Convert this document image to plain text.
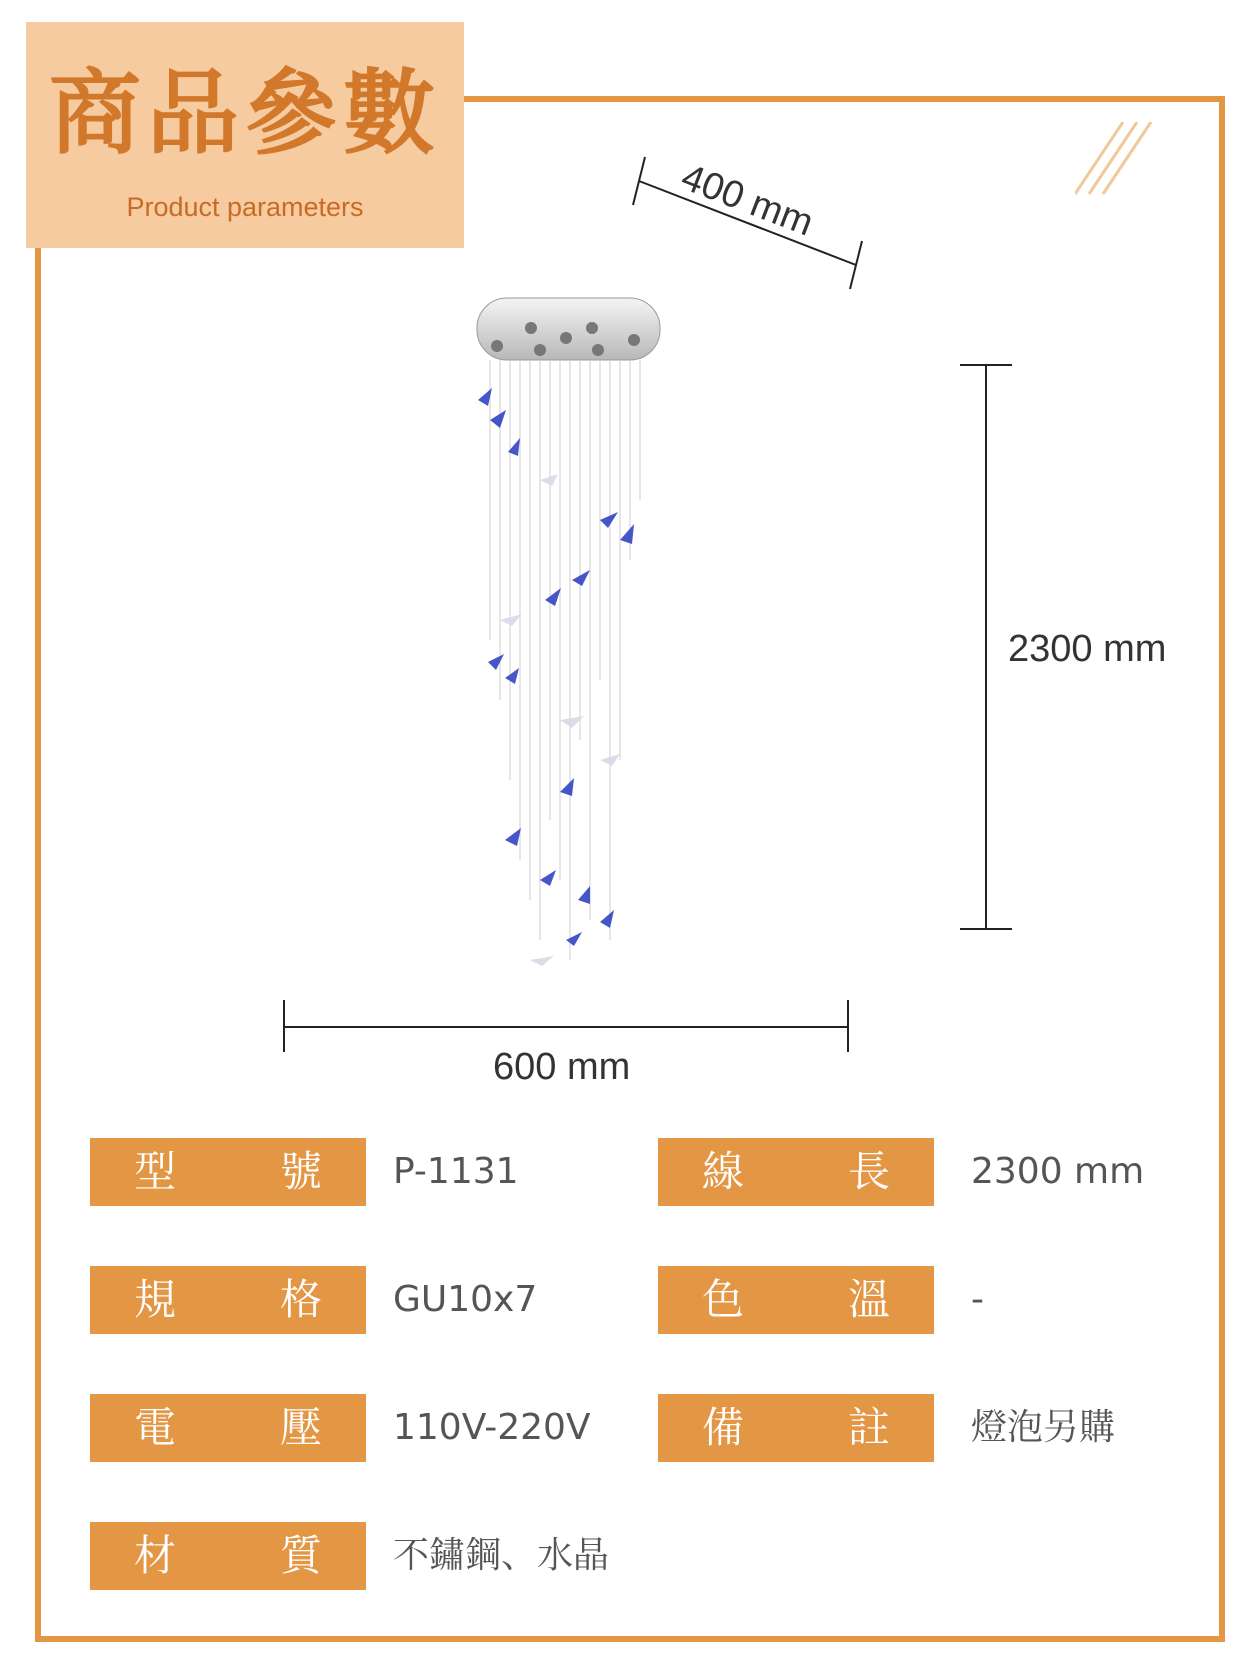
商品參數
Product parameters	400 mm
2300 mm
600 mm
型 號 P-1131	線 長 2300 mm
規 格 GU10x7	色 溫 -
電 壓 110V-220V	備 註 燈泡另購
材 質 不鏽鋼、水晶
